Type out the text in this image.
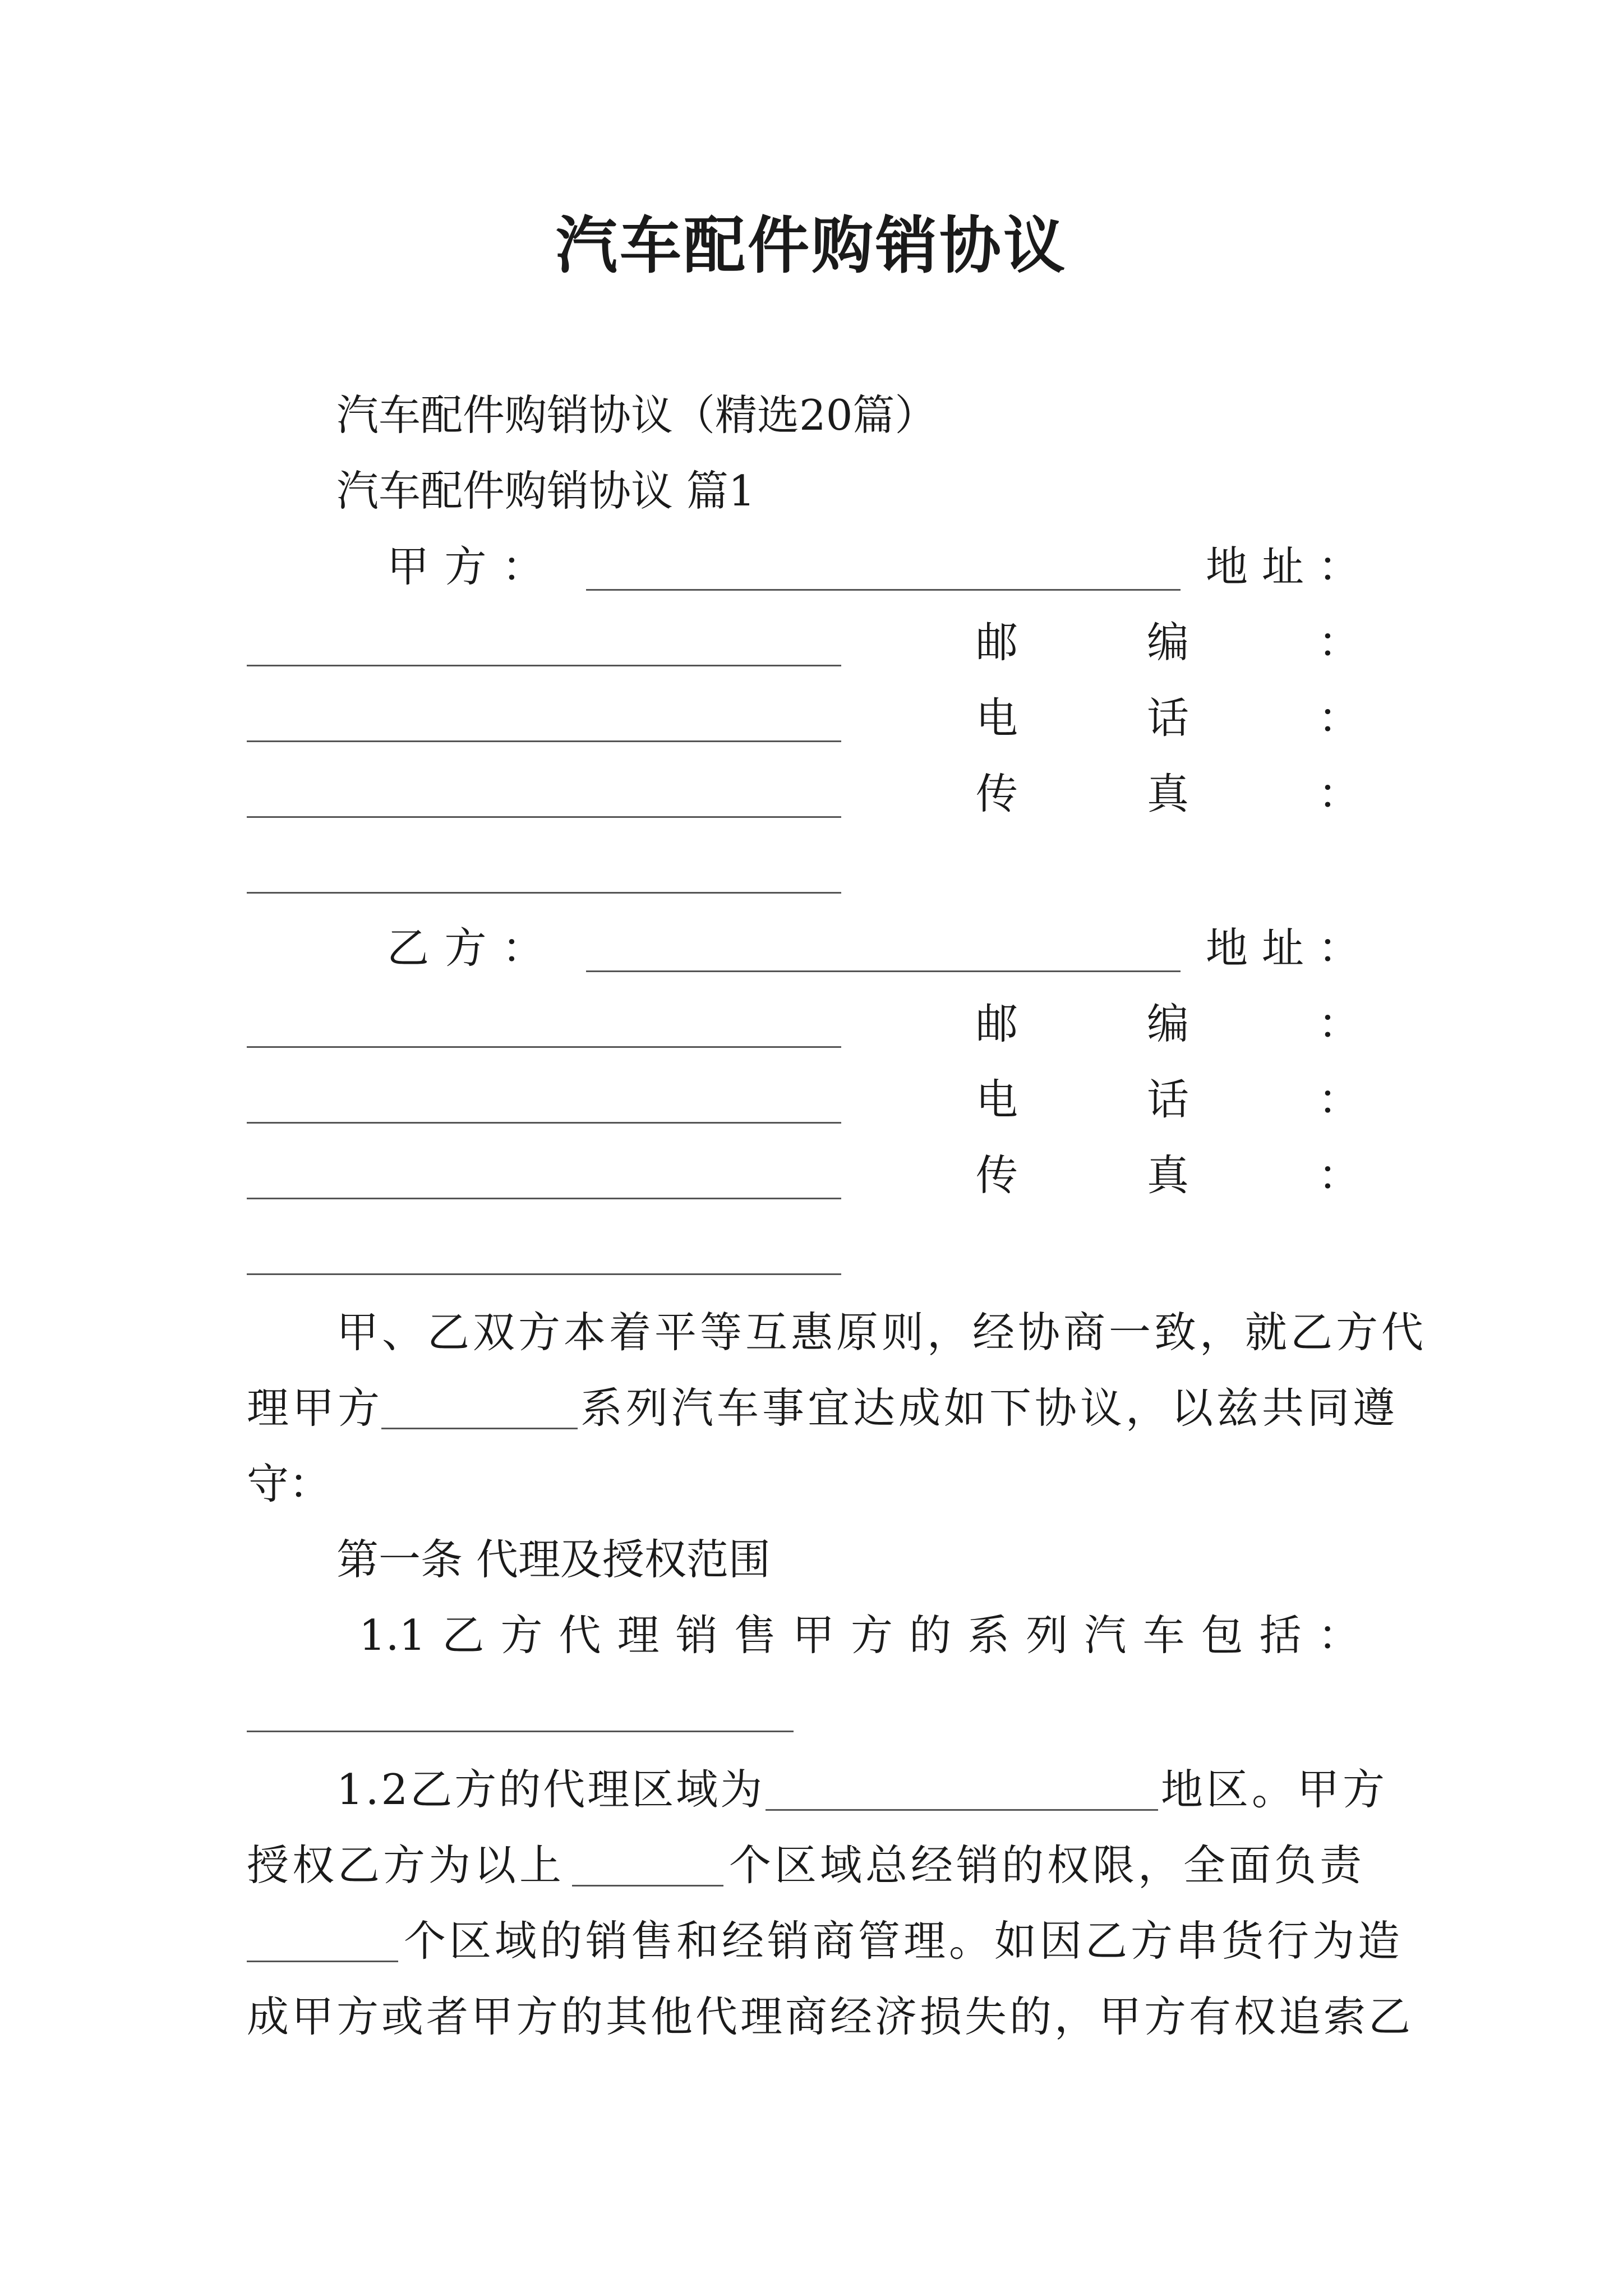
汽车配件购销协议
汽车配件购销协议（精选20篇）
汽车配件购销协议 篇1
甲 方 ：	地 址 ：
邮	编	：
电	话	：
传	真	：
乙 方 ：	地 址 ：
邮	编	：
电	话	：
传	真	：
甲、乙双方本着平等互惠原则，经协商一致，就乙方代
理甲方	系列汽车事宜达成如下协议，以兹共同遵
守：
第一条 代理及授权范围
1.1 乙 方 代 理 销 售 甲 方 的 系 列 汽 车 包 括 ：
1.2乙方的代理区域为	地区。甲方
授权乙方为以上	个区域总经销的权限，全面负责
个区域的销售和经销商管理。如因乙方串货行为造
成甲方或者甲方的其他代理商经济损失的，甲方有权追索乙
